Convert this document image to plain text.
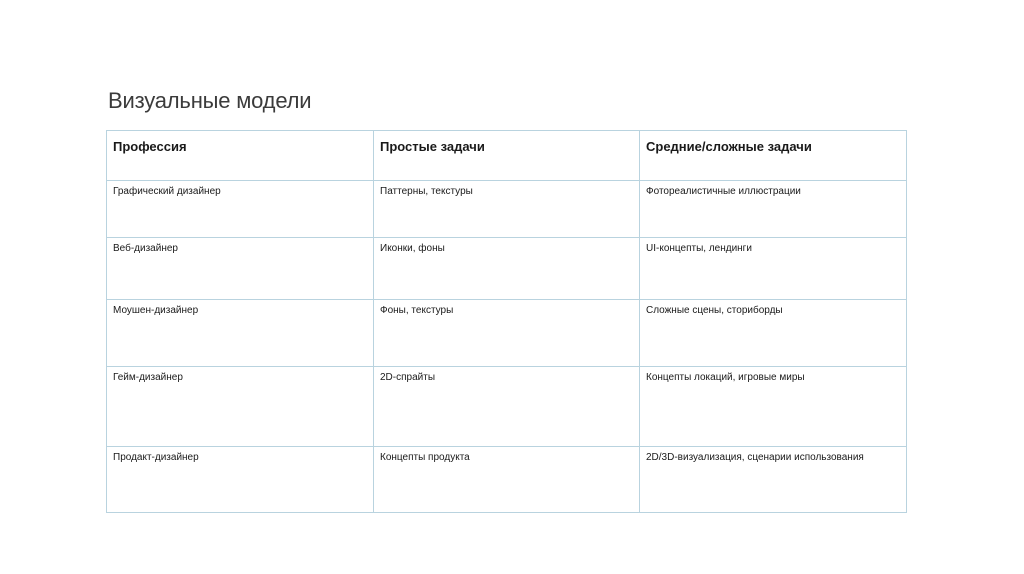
Визуальные модели
Профессия	Простые задачи	Средние/сложные задачи
Графический дизайнер	Паттерны, текстуры	Фотореалистичные иллюстрации
Веб-дизайнер	Иконки, фоны	UI-концепты, лендинги
Моушен-дизайнер	Фоны, текстуры	Сложные сцены, сториборды
Гейм-дизайнер	2D-спрайты	Концепты локаций, игровые миры
Продакт-дизайнер	Концепты продукта	2D/3D-визуализация, сценарии использования
